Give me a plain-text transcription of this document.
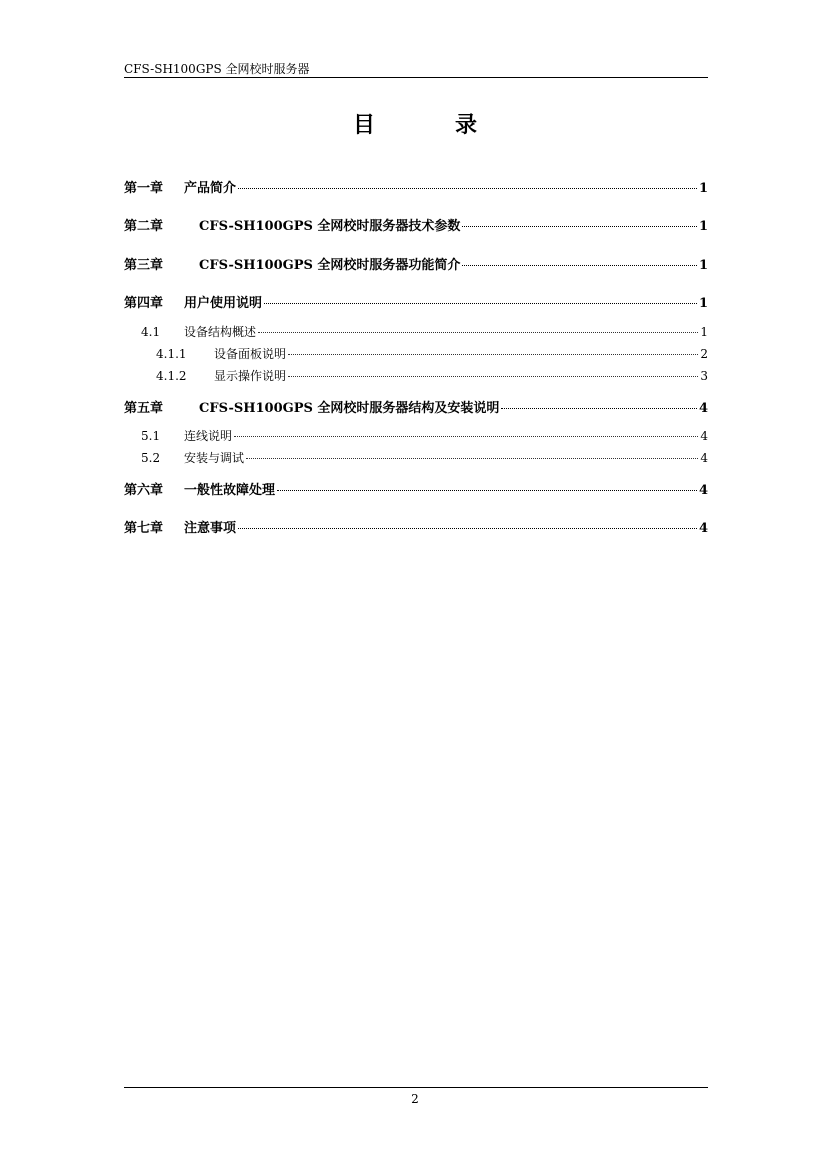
CFS-SH100GPS 全网校时服务器
目录
第一章	产品简介	1
第二章	CFS-SH100GPS 全网校时服务器技术参数	1
第三章	CFS-SH100GPS 全网校时服务器功能简介	1
第四章	用户使用说明	1
4.1	设备结构概述	1
4.1.1	设备面板说明	2
4.1.2	显示操作说明	3
第五章	CFS-SH100GPS 全网校时服务器结构及安装说明	4
5.1	连线说明	4
5.2	安装与调试	4
第六章	一般性故障处理	4
第七章	注意事项	4
2
